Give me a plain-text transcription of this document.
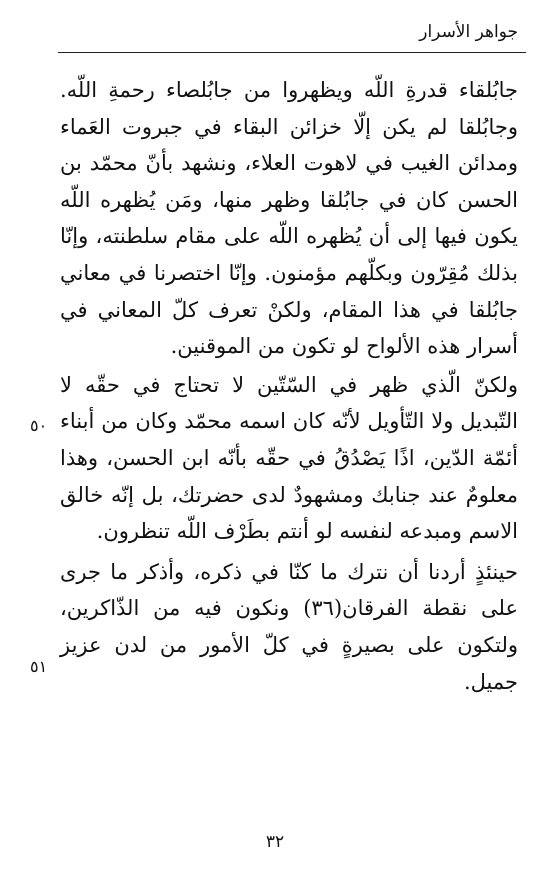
جواهر الأسرار

جابُلقاء قدرةِ اللّه ويظهروا من جابُلصاء رحمةِ اللّه. وجابُلقا لم يكن إلّا خزائن البقاء في جبروت العَماء ومدائن الغيب في لاهوت العلاء، ونشهد بأنّ محمّد بن الحسن كان في جابُلقا وظهر منها، ومَن يُظهره اللّه يكون فيها إلى أن يُظهره اللّه على مقام سلطنته، وإنّا بذلك مُقِرّون وبكلّهم مؤمنون. وإنّا اختصرنا في معاني جابُلقا في هذا المقام، ولكنْ تعرف كلّ المعاني في أسرار هذه الألواح لو تكون من الموقنين.

ولكنّ الّذي ظهر في السّتّين لا تحتاج في حقّه لا التّبديل ولا التّأويل لأنّه كان اسمه محمّد وكان من أبناء أئمّة الدّين، اذًا يَصْدُقُ في حقّه بأنّه ابن الحسن، وهذا معلومٌ عند جنابك ومشهودٌ لدى حضرتك، بل إنّه خالق الاسم ومبدعه لنفسه لو أنتم بطَرْف اللّه تنظرون.

حينئذٍ أردنا أن نترك ما كنّا في ذكره، وأذكر ما جرى على نقطة الفرقان(٣٦) ونكون فيه من الذّاكرين، ولتكون على بصيرةٍ في كلّ الأمور من لدن عزيز جميل.

٥٠
٥١
٣٢
